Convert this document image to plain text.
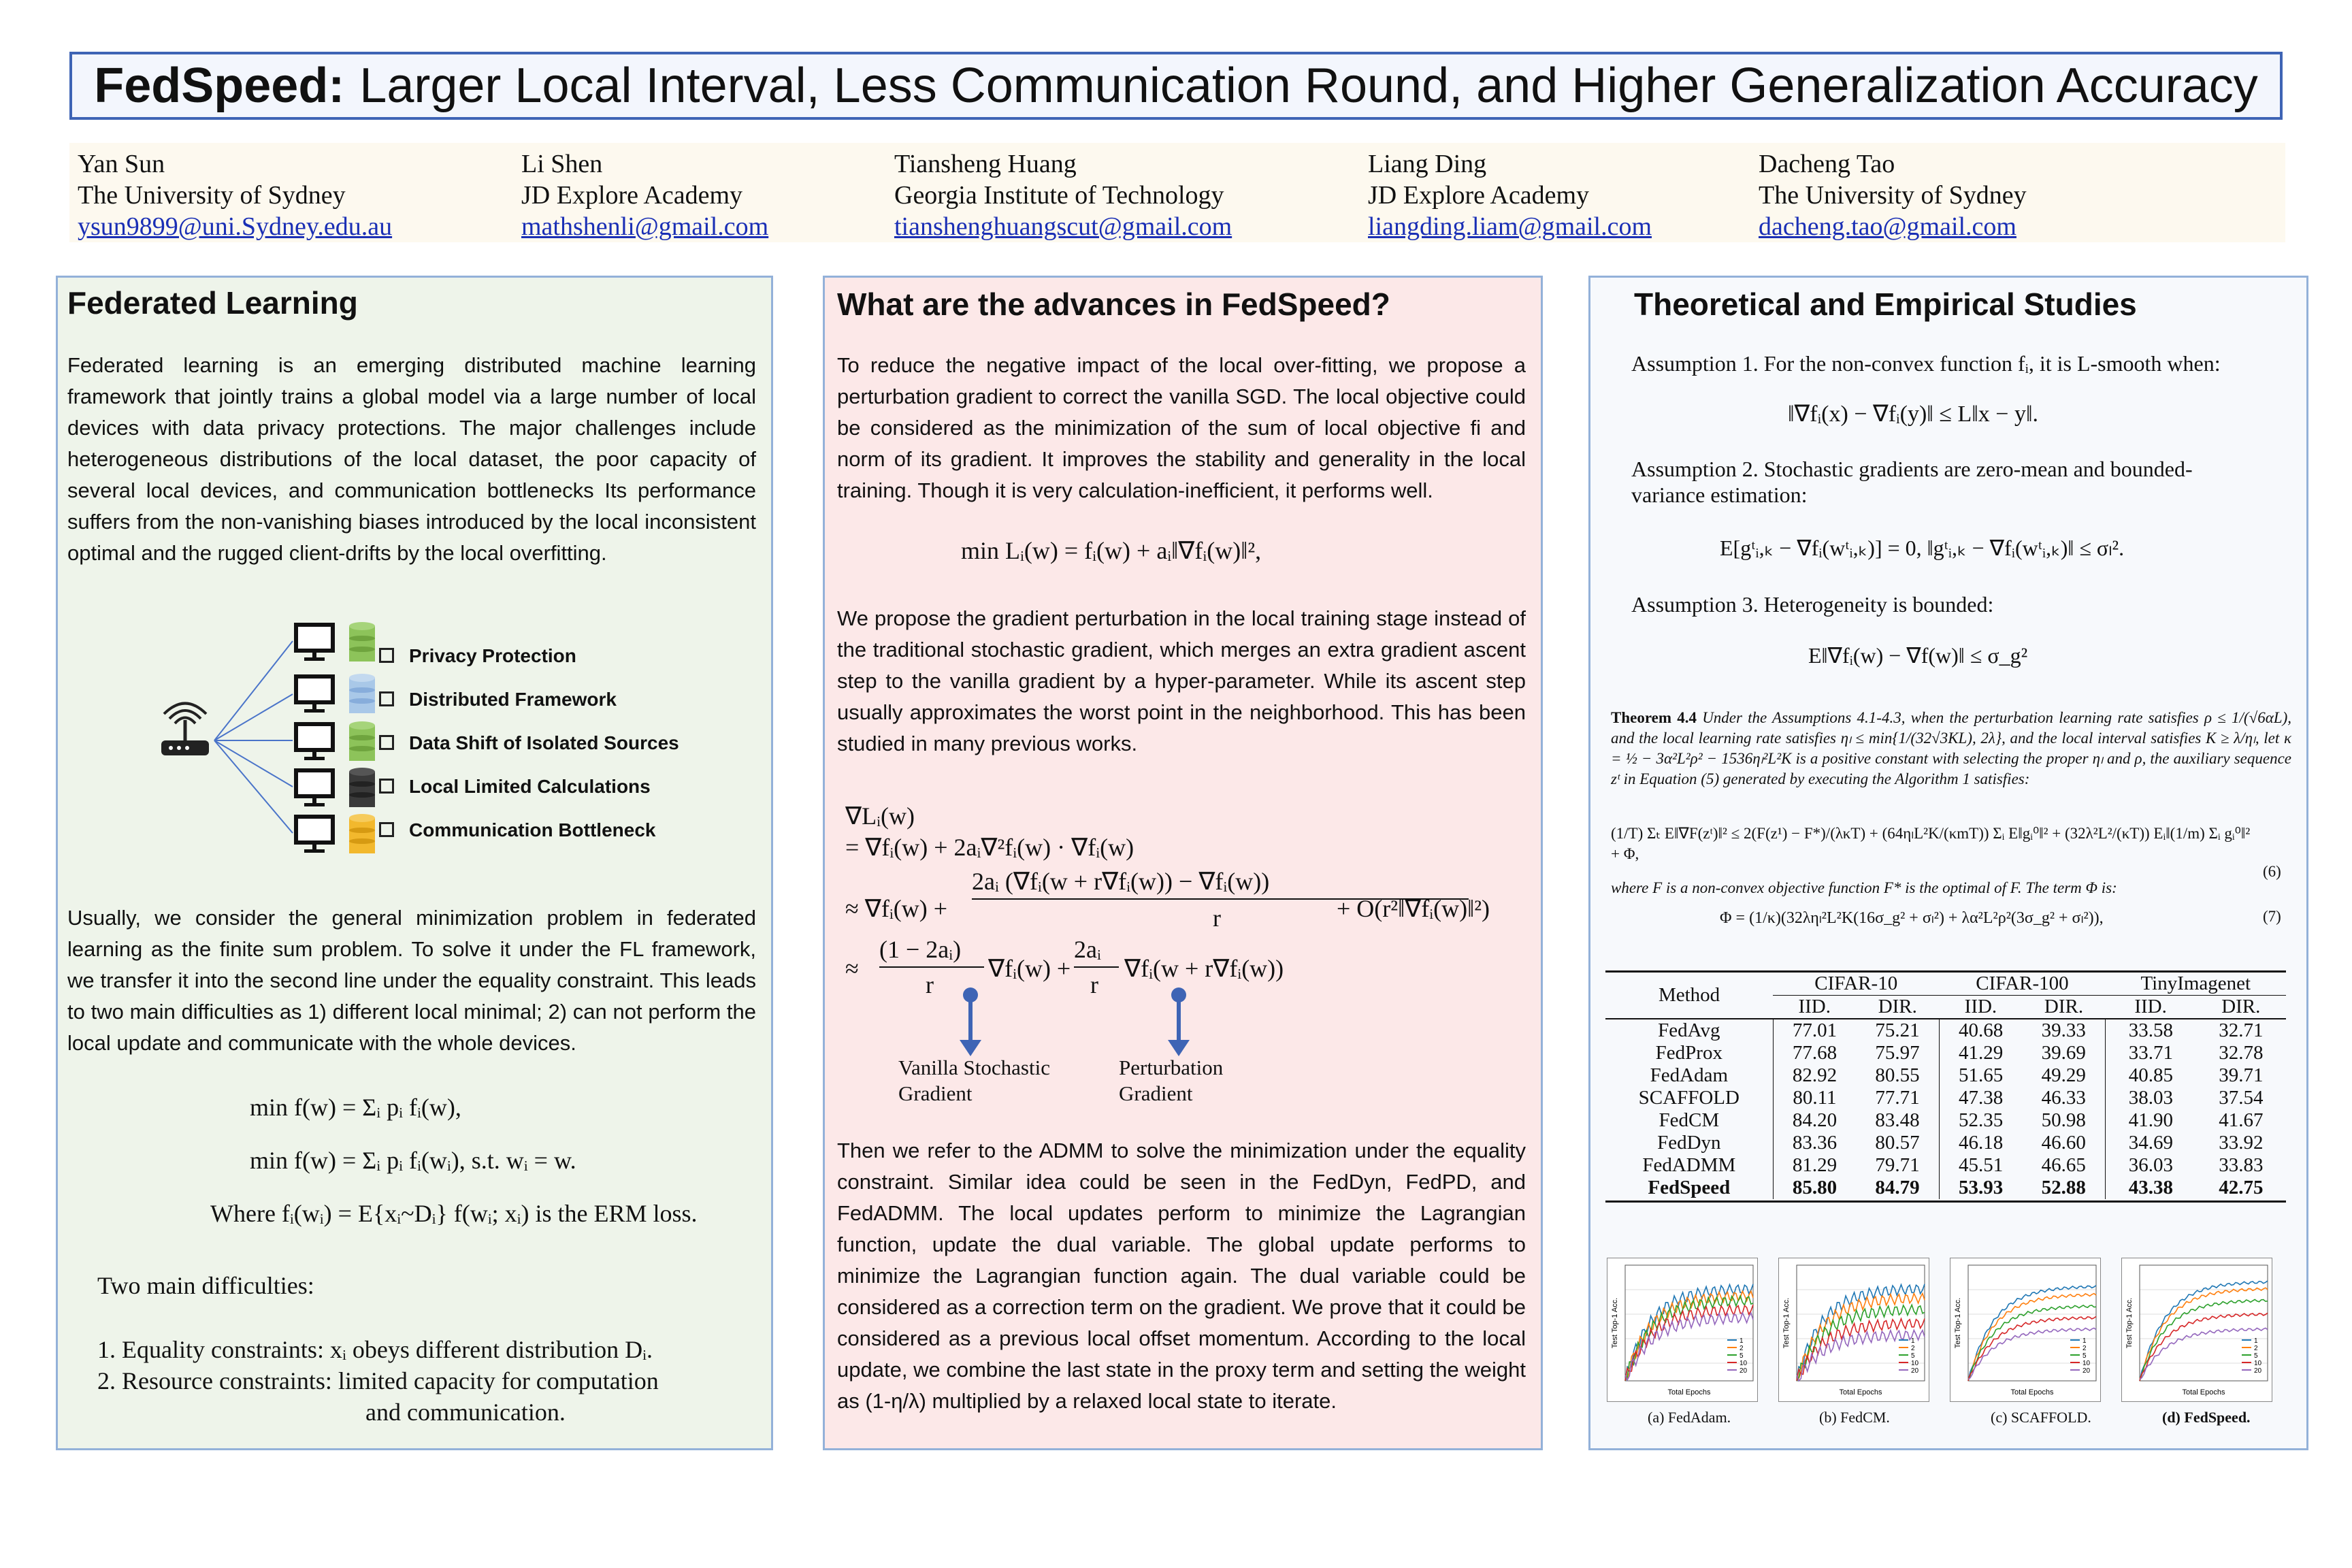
FedSpeed: Larger Local Interval, Less Communication Round, and Higher Generalization Accuracy
Yan Sun
The University of Sydney
ysun9899@uni.Sydney.edu.au
Li Shen
JD Explore Academy
mathshenli@gmail.com
Tiansheng Huang
Georgia Institute of Technology
tianshenghuangscut@gmail.com
Liang Ding
JD Explore Academy
liangding.liam@gmail.com
Dacheng Tao
The University of Sydney
dacheng.tao@gmail.com
Federated Learning
Federated learning is an emerging distributed machine learning framework that jointly trains a global model via a large number of local devices with data privacy protections. The major challenges include heterogeneous distributions of the local dataset, the poor capacity of several local devices, and communication bottlenecks Its performance suffers from the non-vanishing biases introduced by the local inconsistent optimal and the rugged client-drifts by the local overfitting.
Privacy Protection
Distributed Framework
Data Shift of Isolated Sources
Local Limited Calculations
Communication Bottleneck
Usually, we consider the general minimization problem in federated learning as the finite sum problem. To solve it under the FL framework, we transfer it into the second line under the equality constraint. This leads to two main difficulties as 1) different local minimal; 2) can not perform the local update and communicate with the whole devices.
min f(w) = Σᵢ pᵢ fᵢ(w),
min f(w) = Σᵢ pᵢ fᵢ(wᵢ), s.t. wᵢ = w.
Where fᵢ(wᵢ) = E{xᵢ~Dᵢ} f(wᵢ; xᵢ) is the ERM loss.
Two main difficulties:
1. Equality constraints: xᵢ obeys different distribution Dᵢ.
2. Resource constraints: limited capacity for computation
and communication.
What are the advances in FedSpeed?
To reduce the negative impact of the local over-fitting, we propose a perturbation gradient to correct the vanilla SGD. The local objective could be considered as the minimization of the sum of local objective fi and norm of its gradient. It improves the stability and generality in the local training. Though it is very calculation-inefficient, it performs well.
min Lᵢ(w) = fᵢ(w) + aᵢ‖∇fᵢ(w)‖²,
We propose the gradient perturbation in the local training stage instead of the traditional stochastic gradient, which merges an extra gradient ascent step to the vanilla gradient by a hyper-parameter. While its ascent step usually approximates the worst point in the neighborhood. This has been studied in many previous works.
∇Lᵢ(w)
= ∇fᵢ(w) + 2aᵢ∇²fᵢ(w) · ∇fᵢ(w)
≈ ∇fᵢ(w) +
2aᵢ (∇fᵢ(w + r∇fᵢ(w)) − ∇fᵢ(w))
r	+ O(r²‖∇fᵢ(w)‖²)
≈
(1 − 2aᵢ)
r
∇fᵢ(w) +
2aᵢ
r
∇fᵢ(w + r∇fᵢ(w))
Vanilla Stochastic
Gradient
Perturbation
Gradient
Then we refer to the ADMM to solve the minimization under the equality constraint. Similar idea could be seen in the FedDyn, FedPD, and FedADMM. The local updates perform to minimize the Lagrangian function, update the dual variable. The global update performs to minimize the Lagrangian function again. The dual variable could be considered as a correction term on the gradient. We prove that it could be considered as a previous local offset momentum. According to the local update, we combine the last state in the proxy term and setting the weight as (1-η/λ) multiplied by a relaxed local state to iterate.
Theoretical and Empirical Studies
Assumption 1. For the non-convex function fᵢ, it is L-smooth when:
‖∇fᵢ(x) − ∇fᵢ(y)‖ ≤ L‖x − y‖.
Assumption 2. Stochastic gradients are zero-mean and bounded-variance estimation:
E[gᵗᵢ,ₖ − ∇fᵢ(wᵗᵢ,ₖ)] = 0, ‖gᵗᵢ,ₖ − ∇fᵢ(wᵗᵢ,ₖ)‖ ≤ σₗ².
Assumption 3. Heterogeneity is bounded:
E‖∇fᵢ(w) − ∇f(w)‖ ≤ σ_g²
Theorem 4.4 Under the Assumptions 4.1-4.3, when the perturbation learning rate satisfies ρ ≤ 1/(√6αL), and the local learning rate satisfies ηₗ ≤ min{1/(32√3KL), 2λ}, and the local interval satisfies K ≥ λ/ηₗ, let κ = ½ − 3α²L²ρ² − 1536ηₗ²L²K is a positive constant with selecting the proper ηₗ and ρ, the auxiliary sequence zᵗ in Equation (5) generated by executing the Algorithm 1 satisfies:
(1/T) Σₜ E‖∇F(zᵗ)‖² ≤ 2(F(z¹) − F*)/(λκT) + (64ηₗL²K/(κmT)) Σᵢ E‖gᵢ⁰‖² + (32λ²L²/(κT)) Eᵢ‖(1/m) Σᵢ gᵢ⁰‖² + Φ,
(6)
where F is a non-convex objective function F* is the optimal of F. The term Φ is:
Φ = (1/κ)(32ληₗ²L²K(16σ_g² + σₗ²) + λα²L²ρ²(3σ_g² + σₗ²)),	(7)
Method	CIFAR-10		CIFAR-100		TinyImagenet	
	IID.	DIR.	IID.	DIR.	IID.	DIR.
FedAvg	77.01	75.21	40.68	39.33	33.58	32.71
FedProx	77.68	75.97	41.29	39.69	33.71	32.78
FedAdam	82.92	80.55	51.65	49.29	40.85	39.71
SCAFFOLD	80.11	77.71	47.38	46.33	38.03	37.54
FedCM	84.20	83.48	52.35	50.98	41.90	41.67
FedDyn	83.36	80.57	46.18	46.60	34.69	33.92
FedADMM	81.29	79.71	45.51	46.65	36.03	33.83
FedSpeed	85.80	84.79	53.93	52.88	43.38	42.75
1
2
5
10
20
Total Epochs
Test Top-1 Acc.
(a) FedAdam.
1
2
5
10
20
Total Epochs
Test Top-1 Acc.
(b) FedCM.
1
2
5
10
20
Total Epochs
Test Top-1 Acc.
(c) SCAFFOLD.
1
2
5
10
20
Total Epochs
Test Top-1 Acc.
(d) FedSpeed.
